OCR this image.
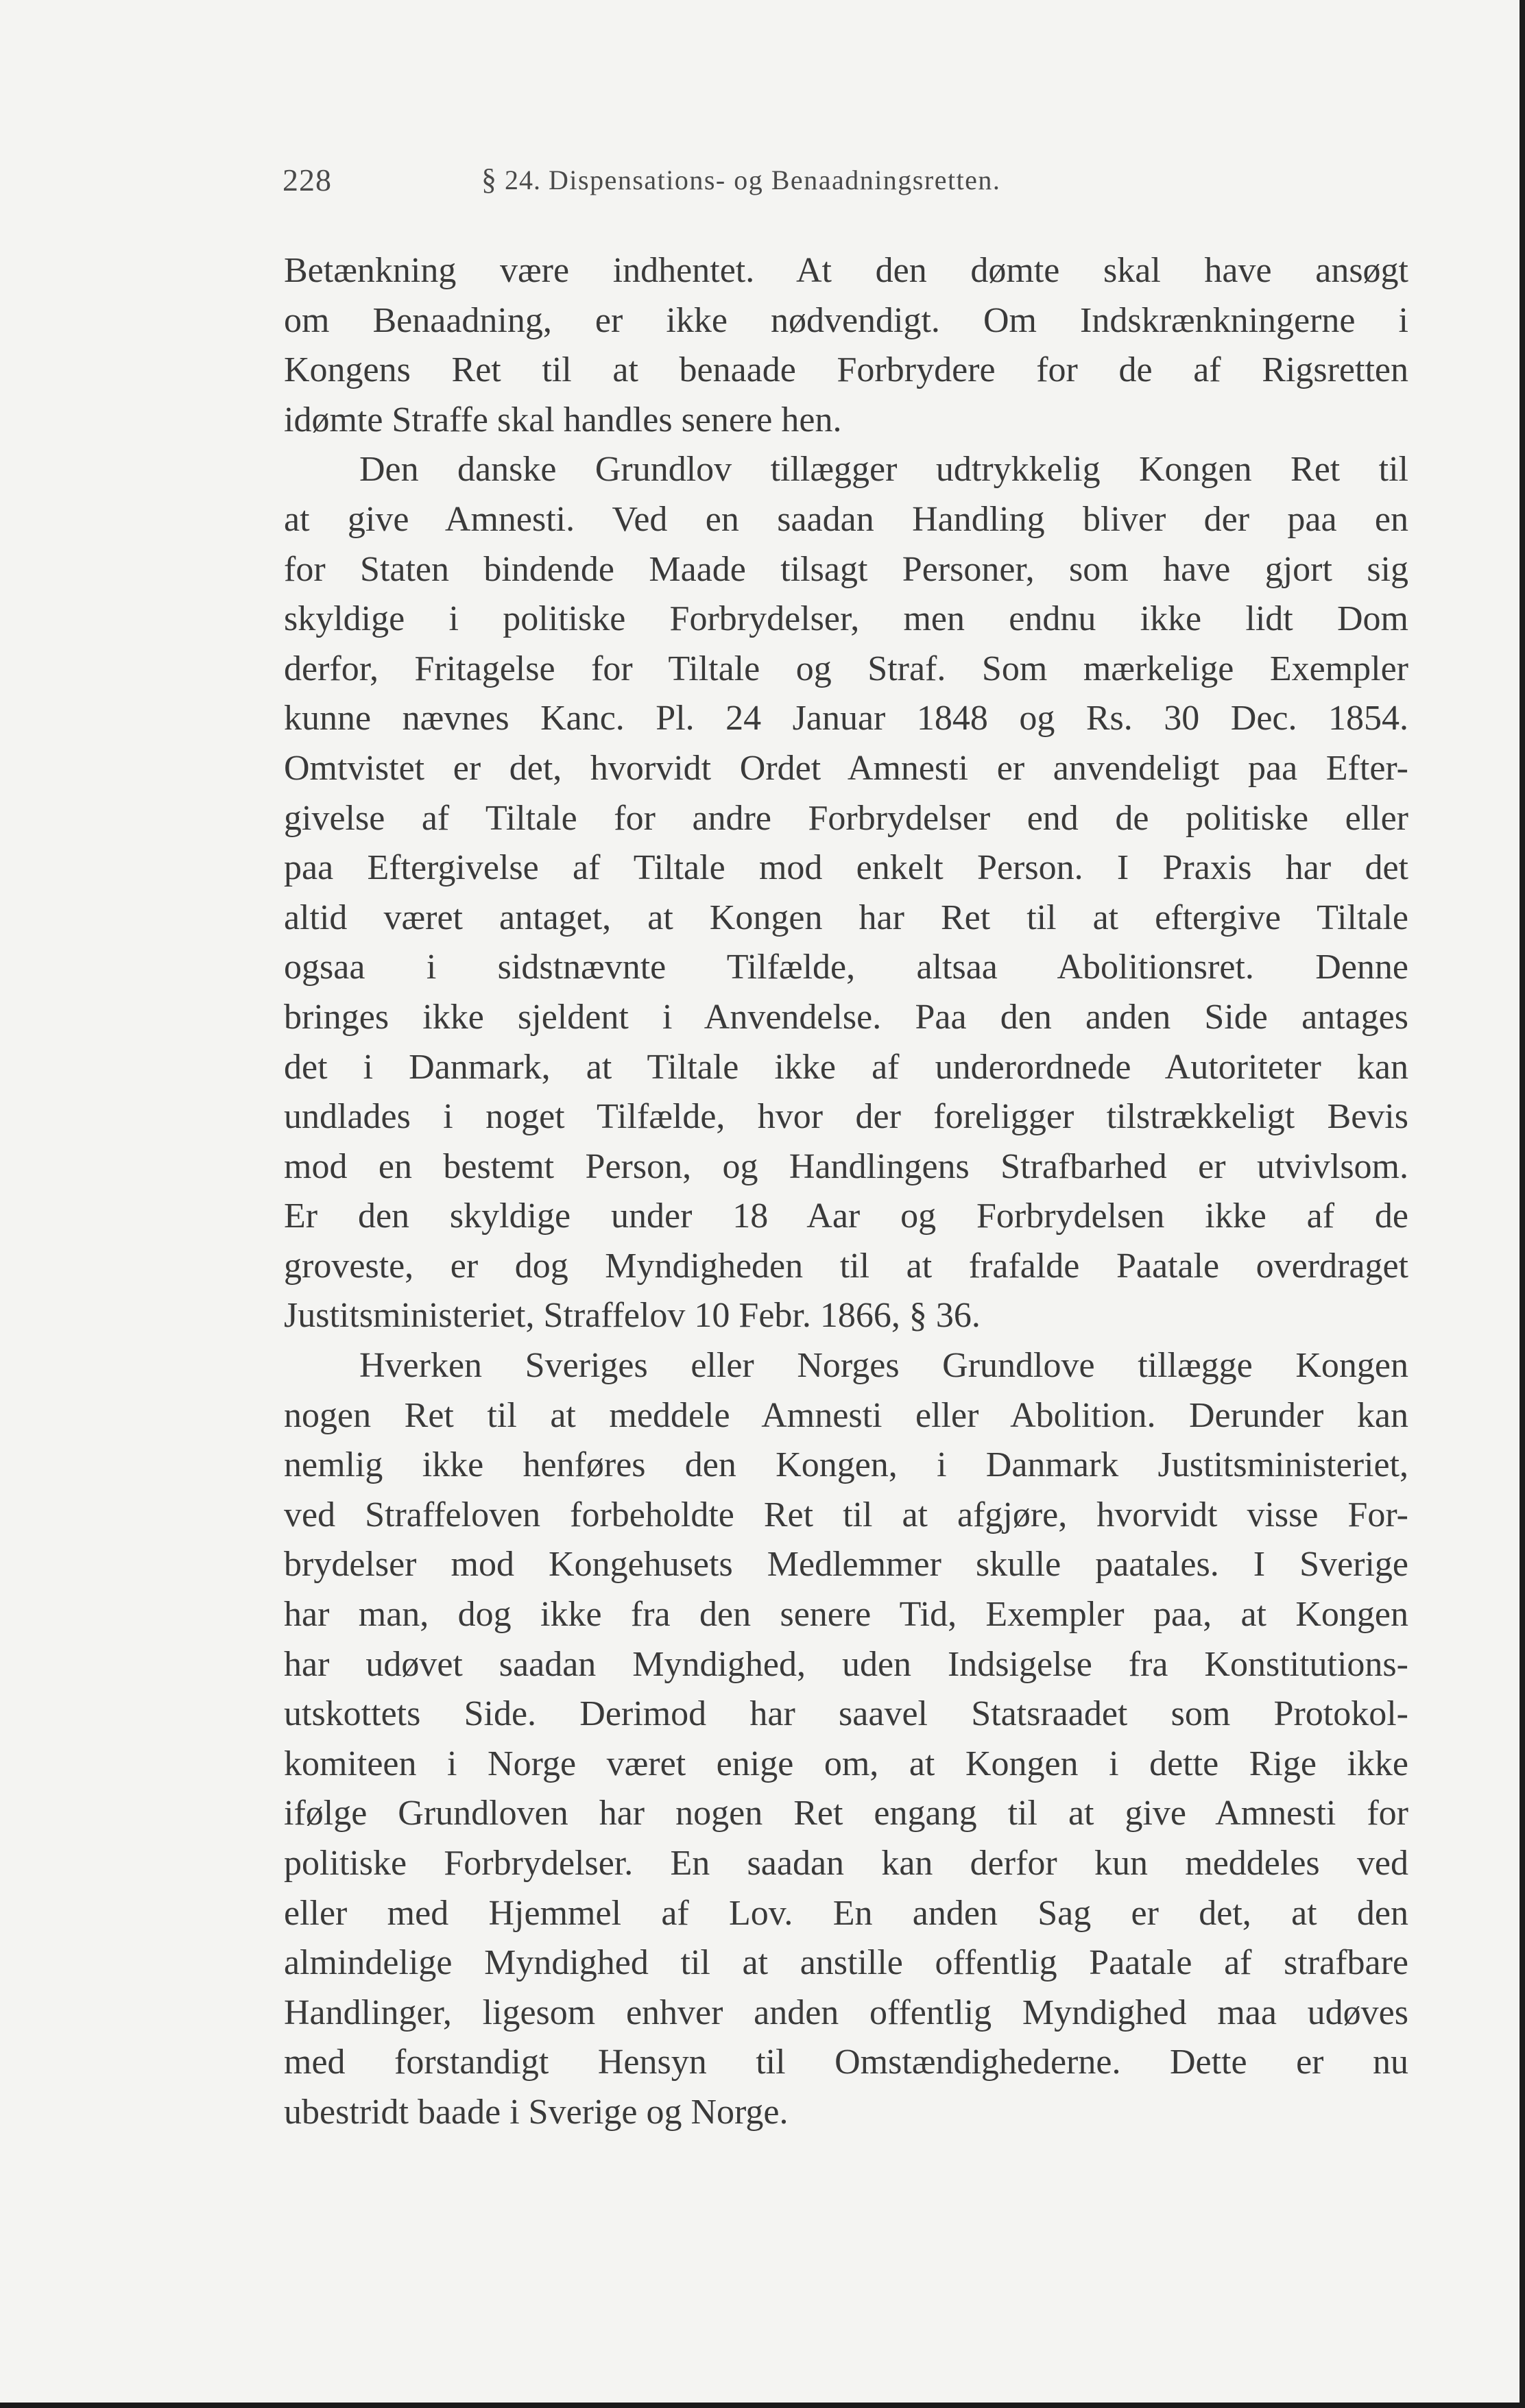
228	§ 24. Dispensations- og Benaadningsretten.
Betænkning være indhentet. At den dømte skal have ansøgt
om Benaadning, er ikke nødvendigt. Om Indskrænkningerne i
Kongens Ret til at benaade Forbrydere for de af Rigsretten
idømte Straffe skal handles senere hen.
Den danske Grundlov tillægger udtrykkelig Kongen Ret til
at give Amnesti. Ved en saadan Handling bliver der paa en
for Staten bindende Maade tilsagt Personer, som have gjort sig
skyldige i politiske Forbrydelser, men endnu ikke lidt Dom
derfor, Fritagelse for Tiltale og Straf. Som mærkelige Exempler
kunne nævnes Kanc. Pl. 24 Januar 1848 og Rs. 30 Dec. 1854.
Omtvistet er det, hvorvidt Ordet Amnesti er anvendeligt paa Efter-
givelse af Tiltale for andre Forbrydelser end de politiske eller
paa Eftergivelse af Tiltale mod enkelt Person. I Praxis har det
altid været antaget, at Kongen har Ret til at eftergive Tiltale
ogsaa i sidstnævnte Tilfælde, altsaa Abolitionsret. Denne
bringes ikke sjeldent i Anvendelse. Paa den anden Side antages
det i Danmark, at Tiltale ikke af underordnede Autoriteter kan
undlades i noget Tilfælde, hvor der foreligger tilstrækkeligt Bevis
mod en bestemt Person, og Handlingens Strafbarhed er utvivlsom.
Er den skyldige under 18 Aar og Forbrydelsen ikke af de
groveste, er dog Myndigheden til at frafalde Paatale overdraget
Justitsministeriet, Straffelov 10 Febr. 1866, § 36.
Hverken Sveriges eller Norges Grundlove tillægge Kongen
nogen Ret til at meddele Amnesti eller Abolition. Derunder kan
nemlig ikke henføres den Kongen, i Danmark Justitsministeriet,
ved Straffeloven forbeholdte Ret til at afgjøre, hvorvidt visse For-
brydelser mod Kongehusets Medlemmer skulle paatales. I Sverige
har man, dog ikke fra den senere Tid, Exempler paa, at Kongen
har udøvet saadan Myndighed, uden Indsigelse fra Konstitutions-
utskottets Side. Derimod har saavel Statsraadet som Protokol-
komiteen i Norge været enige om, at Kongen i dette Rige ikke
ifølge Grundloven har nogen Ret engang til at give Amnesti for
politiske Forbrydelser. En saadan kan derfor kun meddeles ved
eller med Hjemmel af Lov. En anden Sag er det, at den
almindelige Myndighed til at anstille offentlig Paatale af strafbare
Handlinger, ligesom enhver anden offentlig Myndighed maa udøves
med forstandigt Hensyn til Omstændighederne. Dette er nu
ubestridt baade i Sverige og Norge.
